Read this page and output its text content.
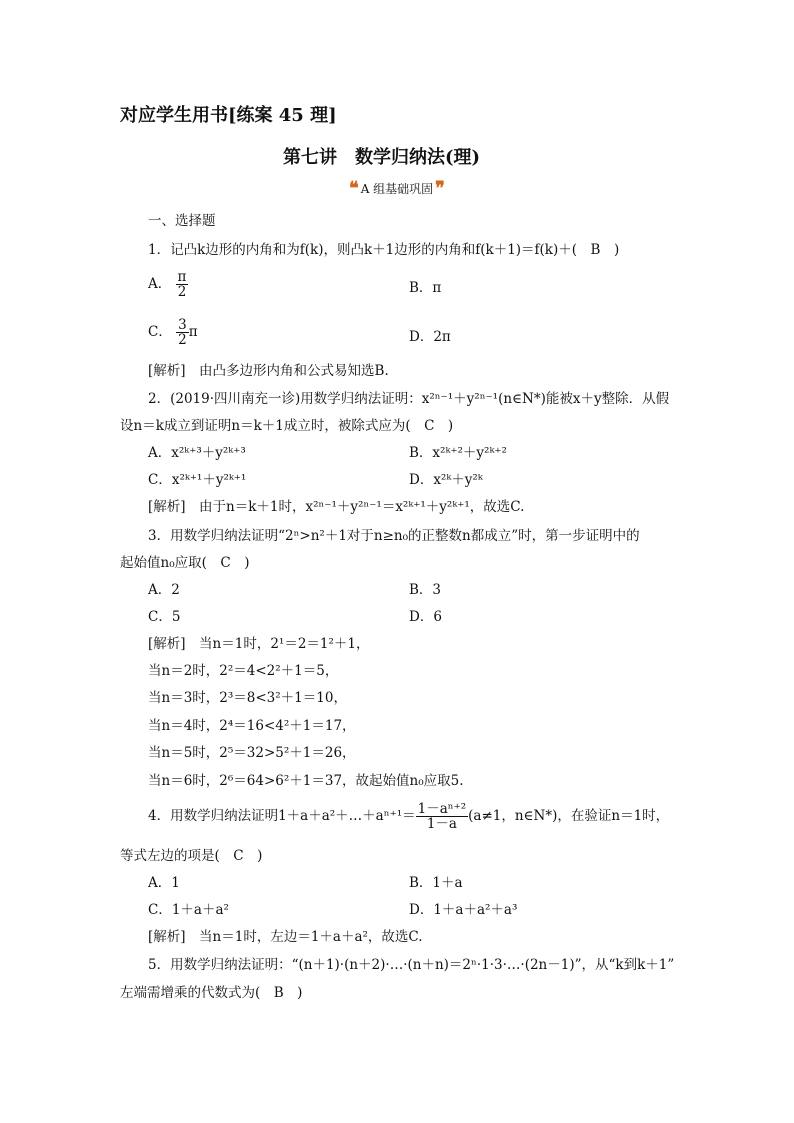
对应学生用书[练案 45 理]
第七讲　数学归纳法(理)
❝ A 组基础巩固 ❞
一、选择题
1．记凸k边形的内角和为f(k)，则凸k＋1边形的内角和f(k＋1)＝f(k)＋(　B　)
A． $\frac{\pi}{2}$	B．π
C． $\frac{3}{2}$ π	D．2π
[解析]　由凸多边形内角和公式易知选B.
2．(2019·四川南充一诊)用数学归纳法证明：x²ⁿ⁻¹＋y²ⁿ⁻¹(n∈N*)能被x＋y整除．从假
设n＝k成立到证明n＝k＋1成立时，被除式应为(　C　)
A．x²ᵏ⁺³＋y²ᵏ⁺³	B．x²ᵏ⁺²＋y²ᵏ⁺²
C．x²ᵏ⁺¹＋y²ᵏ⁺¹	D．x²ᵏ＋y²ᵏ
[解析]　由于n＝k＋1时，x²ⁿ⁻¹＋y²ⁿ⁻¹＝x²ᵏ⁺¹＋y²ᵏ⁺¹，故选C.
3．用数学归纳法证明“2ⁿ>n²＋1对于n≥n₀的正整数n都成立”时，第一步证明中的
起始值n₀应取(　C　)
A．2	B．3
C．5	D．6
[解析]　当n＝1时，2¹＝2＝1²＋1，
当n＝2时，2²＝4<2²＋1＝5，
当n＝3时，2³＝8<3²＋1＝10，
当n＝4时，2⁴＝16<4²＋1＝17，
当n＝5时，2⁵＝32>5²＋1＝26，
当n＝6时，2⁶＝64>6²＋1＝37，故起始值n₀应取5.
4．用数学归纳法证明1＋a＋a²＋…＋aⁿ⁺¹＝ $\frac{\text{1－aⁿ⁺²}}{1-a} (a\ne 1$，n∈N*)，在验证n＝1时，
等式左边的项是(　C　)
A．1	B．1＋a
C．1＋a＋a²	D．1＋a＋a²＋a³
[解析]　当n＝1时，左边＝1＋a＋a²，故选C.
5．用数学归纳法证明：“(n＋1)·(n＋2)·…·(n＋n)＝2ⁿ·1·3·…·(2n－1)”，从“k到k＋1”
左端需增乘的代数式为(　B　)
